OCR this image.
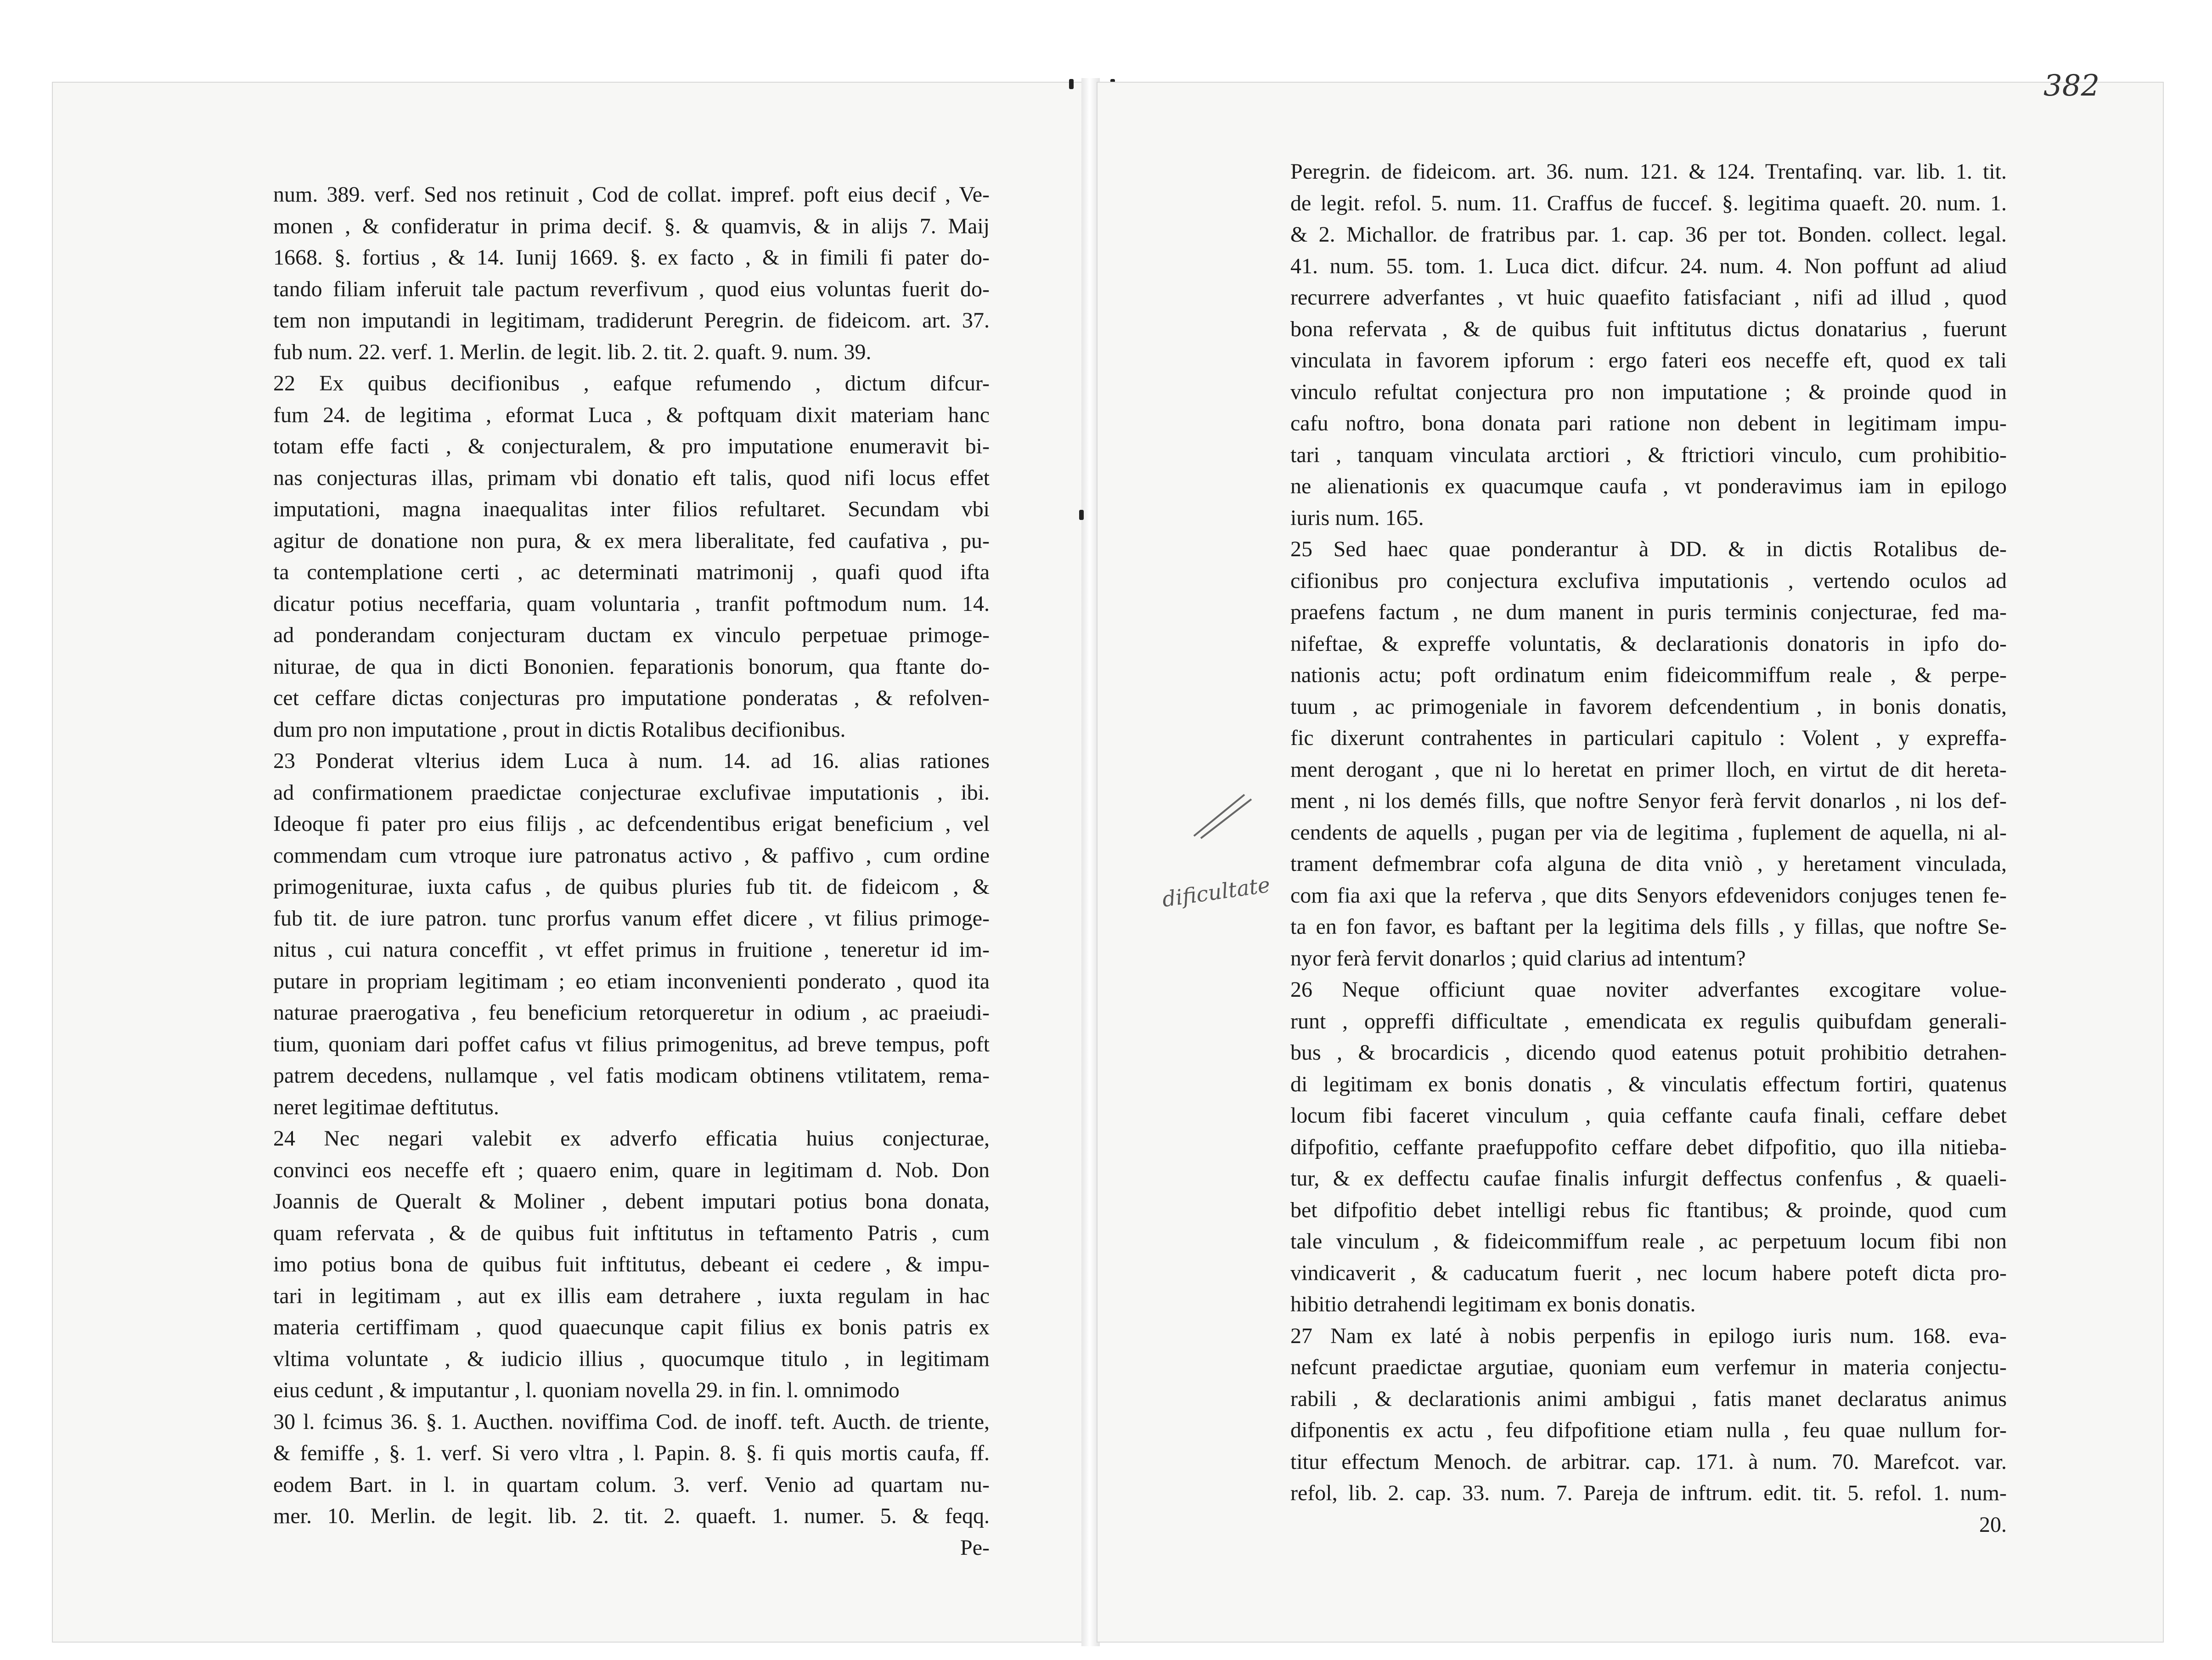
num. 389. verf. Sed nos retinuit , Cod de collat. impref. poft eius decif , Ve-
monen , & confideratur in prima decif. §. & quamvis, & in alijs 7. Maij
1668. §. fortius , & 14. Iunij 1669. §. ex facto , & in fimili fi pater do-
tando filiam inferuit tale pactum reverfivum , quod eius voluntas fuerit do-
tem non imputandi in legitimam, tradiderunt Peregrin. de fideicom. art. 37.
fub num. 22. verf. 1. Merlin. de legit. lib. 2. tit. 2. quaft. 9. num. 39.
22 Ex quibus decifionibus , eafque refumendo , dictum difcur-
fum 24. de legitima , eformat Luca , & poftquam dixit materiam hanc
totam effe facti , & conjecturalem, & pro imputatione enumeravit bi-
nas conjecturas illas, primam vbi donatio eft talis, quod nifi locus effet
imputationi, magna inaequalitas inter filios refultaret. Secundam vbi
agitur de donatione non pura, & ex mera liberalitate, fed caufativa , pu-
ta contemplatione certi , ac determinati matrimonij , quafi quod ifta
dicatur potius neceffaria, quam voluntaria , tranfit poftmodum num. 14.
ad ponderandam conjecturam ductam ex vinculo perpetuae primoge-
niturae, de qua in dicti Bononien. feparationis bonorum, qua ftante do-
cet ceffare dictas conjecturas pro imputatione ponderatas , & refolven-
dum pro non imputatione , prout in dictis Rotalibus decifionibus.
23 Ponderat vlterius idem Luca à num. 14. ad 16. alias rationes
ad confirmationem praedictae conjecturae exclufivae imputationis , ibi.
Ideoque fi pater pro eius filijs , ac defcendentibus erigat beneficium , vel
commendam cum vtroque iure patronatus activo , & paffivo , cum ordine
primogeniturae, iuxta cafus , de quibus pluries fub tit. de fideicom , &
fub tit. de iure patron. tunc prorfus vanum effet dicere , vt filius primoge-
nitus , cui natura conceffit , vt effet primus in fruitione , teneretur id im-
putare in propriam legitimam ; eo etiam inconvenienti ponderato , quod ita
naturae praerogativa , feu beneficium retorqueretur in odium , ac praeiudi-
tium, quoniam dari poffet cafus vt filius primogenitus, ad breve tempus, poft
patrem decedens, nullamque , vel fatis modicam obtinens vtilitatem, rema-
neret legitimae deftitutus.
24 Nec negari valebit ex adverfo efficatia huius conjecturae,
convinci eos neceffe eft ; quaero enim, quare in legitimam d. Nob. Don
Joannis de Queralt & Moliner , debent imputari potius bona donata,
quam refervata , & de quibus fuit inftitutus in teftamento Patris , cum
imo potius bona de quibus fuit inftitutus, debeant ei cedere , & impu-
tari in legitimam , aut ex illis eam detrahere , iuxta regulam in hac
materia certiffimam , quod quaecunque capit filius ex bonis patris ex
vltima voluntate , & iudicio illius , quocumque titulo , in legitimam
eius cedunt , & imputantur , l. quoniam novella 29. in fin. l. omnimodo
30 l. fcimus 36. §. 1. Aucthen. noviffima Cod. de inoff. teft. Aucth. de triente,
& femiffe , §. 1. verf. Si vero vltra , l. Papin. 8. §. fi quis mortis caufa, ff.
eodem Bart. in l. in quartam colum. 3. verf. Venio ad quartam nu-
mer. 10. Merlin. de legit. lib. 2. tit. 2. quaeft. 1. numer. 5. & feqq.
Pe-
Peregrin. de fideicom. art. 36. num. 121. & 124. Trentafinq. var. lib. 1. tit.
de legit. refol. 5. num. 11. Craffus de fuccef. §. legitima quaeft. 20. num. 1.
& 2. Michallor. de fratribus par. 1. cap. 36 per tot. Bonden. collect. legal.
41. num. 55. tom. 1. Luca dict. difcur. 24. num. 4. Non poffunt ad aliud
recurrere adverfantes , vt huic quaefito fatisfaciant , nifi ad illud , quod
bona refervata , & de quibus fuit inftitutus dictus donatarius , fuerunt
vinculata in favorem ipforum : ergo fateri eos neceffe eft, quod ex tali
vinculo refultat conjectura pro non imputatione ; & proinde quod in
cafu noftro, bona donata pari ratione non debent in legitimam impu-
tari , tanquam vinculata arctiori , & ftrictiori vinculo, cum prohibitio-
ne alienationis ex quacumque caufa , vt ponderavimus iam in epilogo
iuris num. 165.
25 Sed haec quae ponderantur à DD. & in dictis Rotalibus de-
cifionibus pro conjectura exclufiva imputationis , vertendo oculos ad
praefens factum , ne dum manent in puris terminis conjecturae, fed ma-
nifeftae, & expreffe voluntatis, & declarationis donatoris in ipfo do-
nationis actu; poft ordinatum enim fideicommiffum reale , & perpe-
tuum , ac primogeniale in favorem defcendentium , in bonis donatis,
fic dixerunt contrahentes in particulari capitulo : Volent , y expreffa-
ment derogant , que ni lo heretat en primer lloch, en virtut de dit hereta-
ment , ni los demés fills, que noftre Senyor ferà fervit donarlos , ni los def-
cendents de aquells , pugan per via de legitima , fuplement de aquella, ni al-
trament defmembrar cofa alguna de dita vniò , y heretament vinculada,
com fia axi que la referva , que dits Senyors efdevenidors conjuges tenen fe-
ta en fon favor, es baftant per la legitima dels fills , y fillas, que noftre Se-
nyor ferà fervit donarlos ; quid clarius ad intentum?
26 Neque officiunt quae noviter adverfantes excogitare volue-
runt , oppreffi difficultate , emendicata ex regulis quibufdam generali-
bus , & brocardicis , dicendo quod eatenus potuit prohibitio detrahen-
di legitimam ex bonis donatis , & vinculatis effectum fortiri, quatenus
locum fibi faceret vinculum , quia ceffante caufa finali, ceffare debet
difpofitio, ceffante praefuppofito ceffare debet difpofitio, quo illa nitieba-
tur, & ex deffectu caufae finalis infurgit deffectus confenfus , & quaeli-
bet difpofitio debet intelligi rebus fic ftantibus; & proinde, quod cum
tale vinculum , & fideicommiffum reale , ac perpetuum locum fibi non
vindicaverit , & caducatum fuerit , nec locum habere poteft dicta pro-
hibitio detrahendi legitimam ex bonis donatis.
27 Nam ex laté à nobis perpenfis in epilogo iuris num. 168. eva-
nefcunt praedictae argutiae, quoniam eum verfemur in materia conjectu-
rabili , & declarationis animi ambigui , fatis manet declaratus animus
difponentis ex actu , feu difpofitione etiam nulla , feu quae nullum for-
titur effectum Menoch. de arbitrar. cap. 171. à num. 70. Marefcot. var.
refol, lib. 2. cap. 33. num. 7. Pareja de inftrum. edit. tit. 5. refol. 1. num-
20.
382
dificultate
